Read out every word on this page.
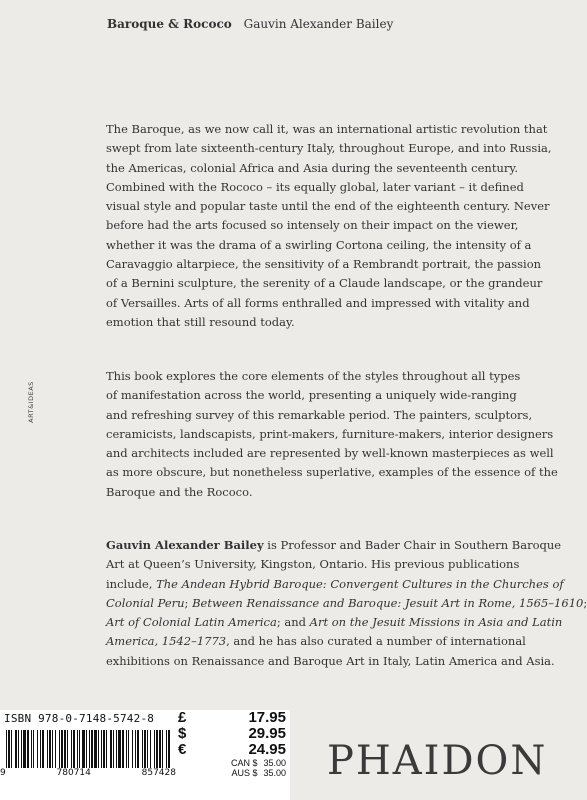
Baroque & Rococo Gauvin Alexander Bailey
ART&IDEAS
The Baroque, as we now call it, was an international artistic revolution that
swept from late sixteenth-century Italy, throughout Europe, and into Russia,
the Americas, colonial Africa and Asia during the seventeenth century.
Combined with the Rococo – its equally global, later variant – it defined
visual style and popular taste until the end of the eighteenth century. Never
before had the arts focused so intensely on their impact on the viewer,
whether it was the drama of a swirling Cortona ceiling, the intensity of a
Caravaggio altarpiece, the sensitivity of a Rembrandt portrait, the passion
of a Bernini sculpture, the serenity of a Claude landscape, or the grandeur
of Versailles. Arts of all forms enthralled and impressed with vitality and
emotion that still resound today.
This book explores the core elements of the styles throughout all types
of manifestation across the world, presenting a uniquely wide-ranging
and refreshing survey of this remarkable period. The painters, sculptors,
ceramicists, landscapists, print-makers, furniture-makers, interior designers
and architects included are represented by well-known masterpieces as well
as more obscure, but nonetheless superlative, examples of the essence of the
Baroque and the Rococo.
Gauvin Alexander Bailey is Professor and Bader Chair in Southern Baroque
Art at Queen’s University, Kingston, Ontario. His previous publications
include, The Andean Hybrid Baroque: Convergent Cultures in the Churches of
Colonial Peru; Between Renaissance and Baroque: Jesuit Art in Rome, 1565–1610;
Art of Colonial Latin America; and Art on the Jesuit Missions in Asia and Latin
America, 1542–1773, and he has also curated a number of international
exhibitions on Renaissance and Baroque Art in Italy, Latin America and Asia.
ISBN 978-0-7148-5742-8
9	780714	857428
£	17.95
$	29.95
€	24.95
CAN $ 35.00
AUS $ 35.00 PHAIDON
